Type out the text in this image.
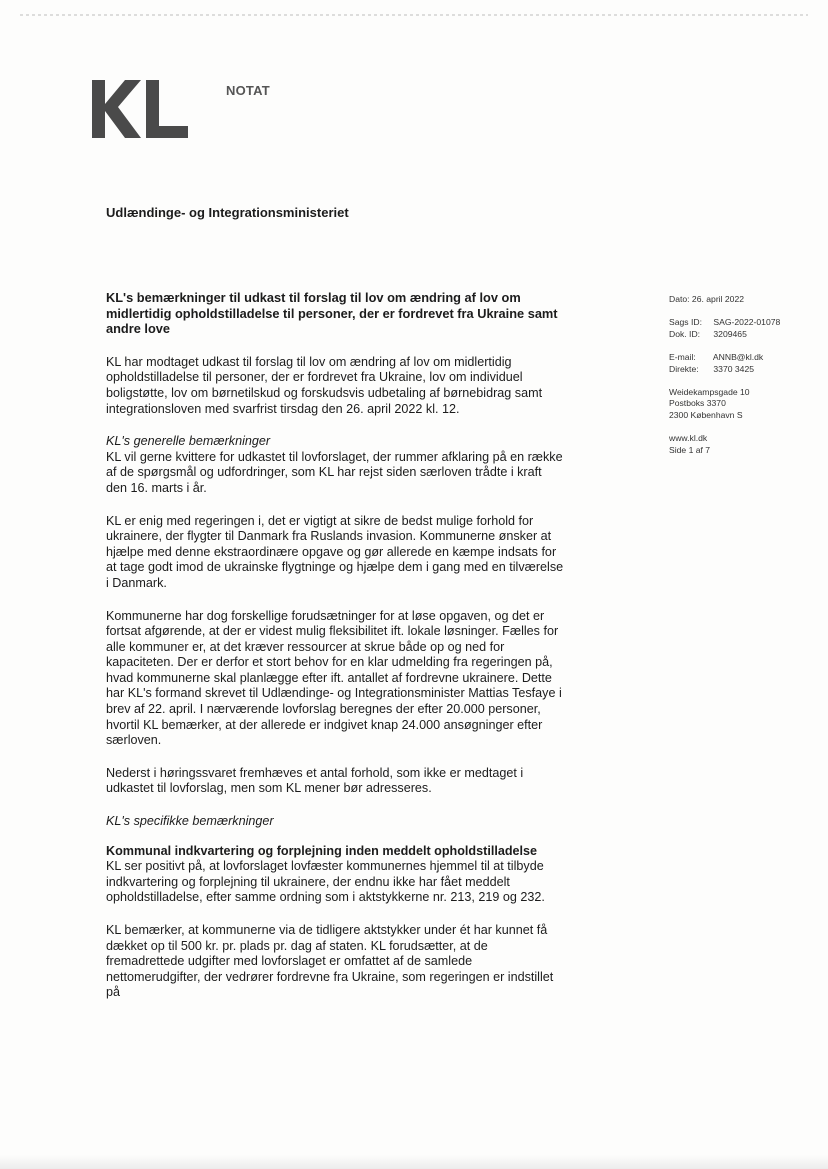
NOTAT
Udlændinge- og Integrationsministeriet

KL's bemærkninger til udkast til forslag til lov om ændring af lov om midlertidig opholdstilladelse til personer, der er fordrevet fra Ukraine samt andre love

KL har modtaget udkast til forslag til lov om ændring af lov om midlertidig opholdstilladelse til personer, der er fordrevet fra Ukraine, lov om individuel boligstøtte, lov om børnetilskud og forskudsvis udbetaling af børnebidrag samt integrationsloven med svarfrist tirsdag den 26. april 2022 kl. 12.

KL's generelle bemærkninger

KL vil gerne kvittere for udkastet til lovforslaget, der rummer afklaring på en række af de spørgsmål og udfordringer, som KL har rejst siden særloven trådte i kraft den 16. marts i år.

KL er enig med regeringen i, det er vigtigt at sikre de bedst mulige forhold for ukrainere, der flygter til Danmark fra Ruslands invasion. Kommunerne ønsker at hjælpe med denne ekstraordinære opgave og gør allerede en kæmpe indsats for at tage godt imod de ukrainske flygtninge og hjælpe dem i gang med en tilværelse i Danmark.

Kommunerne har dog forskellige forudsætninger for at løse opgaven, og det er fortsat afgørende, at der er videst mulig fleksibilitet ift. lokale løsninger. Fælles for alle kommuner er, at det kræver ressourcer at skrue både op og ned for kapaciteten. Der er derfor et stort behov for en klar udmelding fra regeringen på, hvad kommunerne skal planlægge efter ift. antallet af fordrevne ukrainere. Dette har KL's formand skrevet til Udlændinge- og Integrationsminister Mattias Tesfaye i brev af 22. april. I nærværende lovforslag beregnes der efter 20.000 personer, hvortil KL bemærker, at der allerede er indgivet knap 24.000 ansøgninger efter særloven.

Nederst i høringssvaret fremhæves et antal forhold, som ikke er medtaget i udkastet til lovforslag, men som KL mener bør adresseres.

KL's specifikke bemærkninger

Kommunal indkvartering og forplejning inden meddelt opholdstilladelse

KL ser positivt på, at lovforslaget lovfæster kommunernes hjemmel til at tilbyde indkvartering og forplejning til ukrainere, der endnu ikke har fået meddelt opholdstilladelse, efter samme ordning som i aktstykkerne nr. 213, 219 og 232.

KL bemærker, at kommunerne via de tidligere aktstykker under ét har kunnet få dækket op til 500 kr. pr. plads pr. dag af staten. KL forudsætter, at de fremadrettede udgifter med lovforslaget er omfattet af de samlede nettomerudgifter, der vedrører fordrevne fra Ukraine, som regeringen er indstillet på

Dato: 26. april 2022
Sags ID: SAG-2022-01078
Dok. ID: 3209465
E-mail: ANNB@kl.dk
Direkte: 3370 3425
Weidekampsgade 10
Postboks 3370
2300 København S
www.kl.dk
Side 1 af 7
